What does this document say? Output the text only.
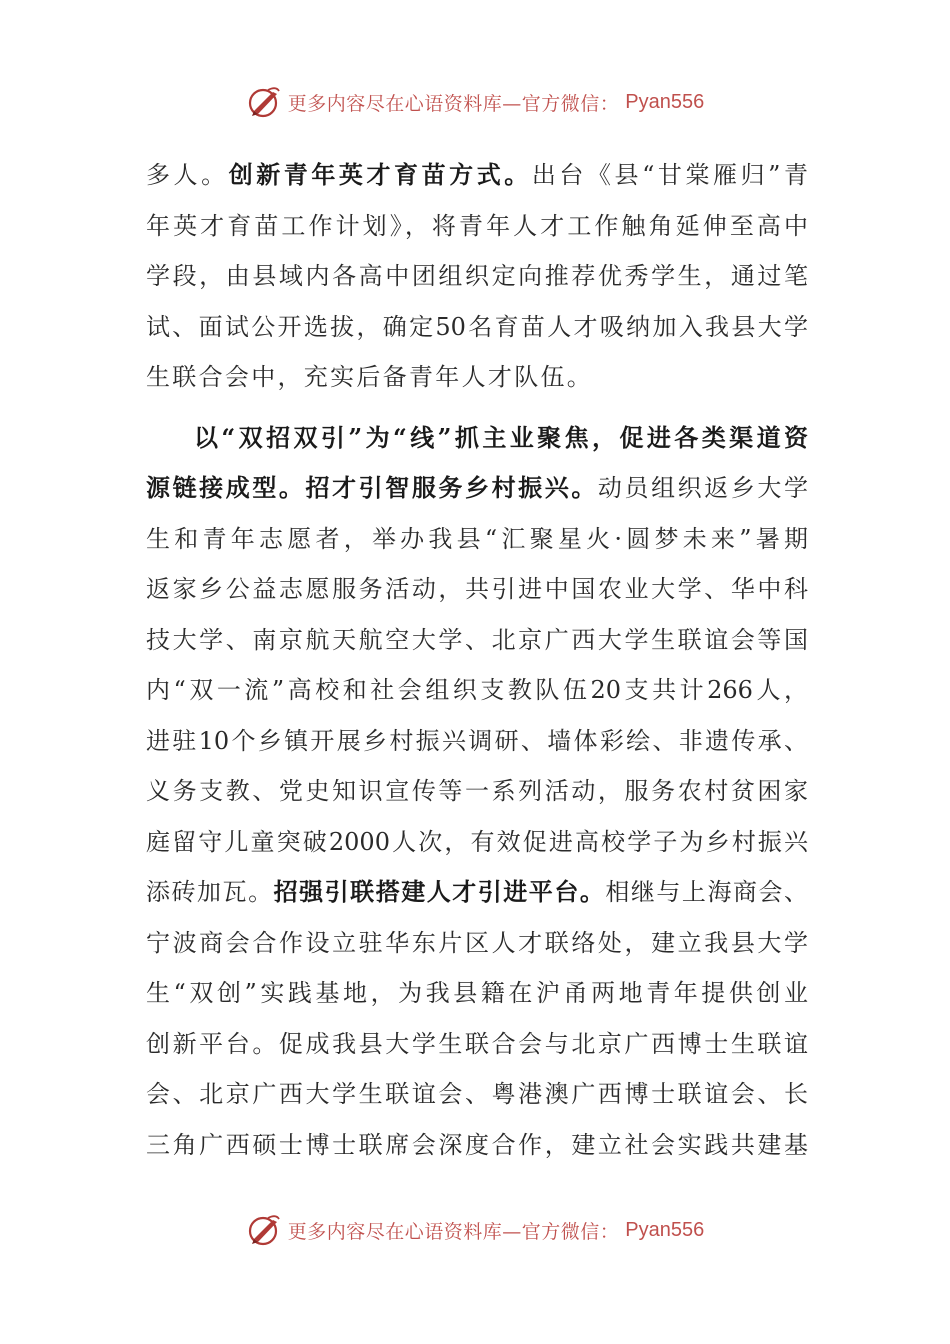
更多内容尽在心语资料库—官方微信： Pyan556
多人。创新青年英才育苗方式。出台《县“甘棠雁归”青
年英才育苗工作计划》，将青年人才工作触角延伸至高中
学段，由县域内各高中团组织定向推荐优秀学生，通过笔
试、面试公开选拔，确定50名育苗人才吸纳加入我县大学
生联合会中，充实后备青年人才队伍。
以“双招双引”为“线”抓主业聚焦，促进各类渠道资
源链接成型。招才引智服务乡村振兴。动员组织返乡大学
生和青年志愿者，举办我县“汇聚星火·圆梦未来”暑期
返家乡公益志愿服务活动，共引进中国农业大学、华中科
技大学、南京航天航空大学、北京广西大学生联谊会等国
内“双一流”高校和社会组织支教队伍20支共计266人，
进驻10个乡镇开展乡村振兴调研、墙体彩绘、非遗传承、
义务支教、党史知识宣传等一系列活动，服务农村贫困家
庭留守儿童突破2000人次，有效促进高校学子为乡村振兴
添砖加瓦。招强引联搭建人才引进平台。相继与上海商会、
宁波商会合作设立驻华东片区人才联络处，建立我县大学
生“双创”实践基地，为我县籍在沪甬两地青年提供创业
创新平台。促成我县大学生联合会与北京广西博士生联谊
会、北京广西大学生联谊会、粤港澳广西博士联谊会、长
三角广西硕士博士联席会深度合作，建立社会实践共建基
更多内容尽在心语资料库—官方微信： Pyan556
